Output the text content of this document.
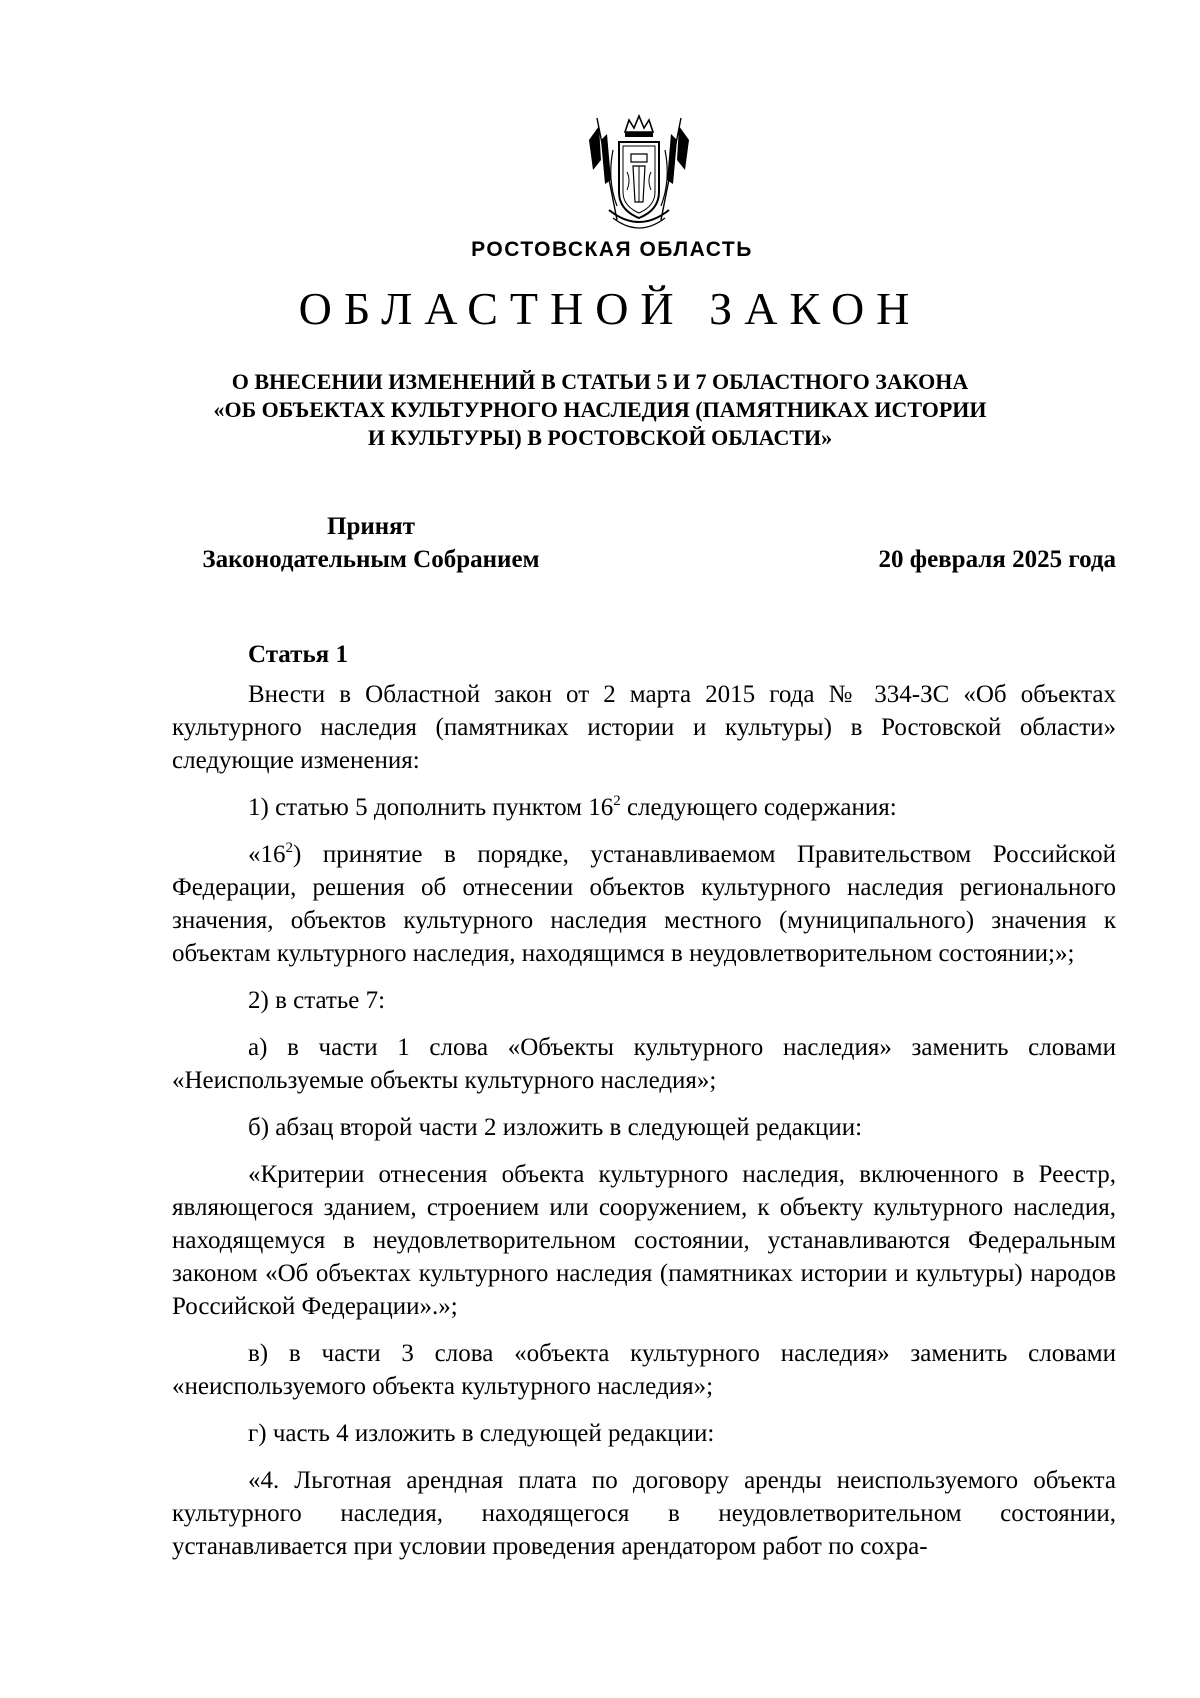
РОСТОВСКАЯ ОБЛАСТЬ
ОБЛАСТНОЙ ЗАКОН
О ВНЕСЕНИИ ИЗМЕНЕНИЙ В СТАТЬИ 5 И 7 ОБЛАСТНОГО ЗАКОНА
«ОБ ОБЪЕКТАХ КУЛЬТУРНОГО НАСЛЕДИЯ (ПАМЯТНИКАХ ИСТОРИИ
И КУЛЬТУРЫ) В РОСТОВСКОЙ ОБЛАСТИ»
Принят
Законодательным Собранием	20 февраля 2025 года
Статья 1

Внести в Областной закон от 2 марта 2015 года № 334-ЗС «Об объектах культурного наследия (памятниках истории и культуры) в Ростовской области» следующие изменения:

1) статью 5 дополнить пунктом $16^2$ следующего содержания:

«$16^2$) принятие в порядке, устанавливаемом Правительством Российской Федерации, решения об отнесении объектов культурного наследия регионального значения, объектов культурного наследия местного (муниципального) значения к объектам культурного наследия, находящимся в неудовлетворительном состоянии;»;

2) в статье 7:

а) в части 1 слова «Объекты культурного наследия» заменить словами «Неиспользуемые объекты культурного наследия»;

б) абзац второй части 2 изложить в следующей редакции:

«Критерии отнесения объекта культурного наследия, включенного в Реестр, являющегося зданием, строением или сооружением, к объекту культурного наследия, находящемуся в неудовлетворительном состоянии, устанавливаются Федеральным законом «Об объектах культурного наследия (памятниках истории и культуры) народов Российской Федерации».»;

в) в части 3 слова «объекта культурного наследия» заменить словами «неиспользуемого объекта культурного наследия»;

г) часть 4 изложить в следующей редакции:

«4. Льготная арендная плата по договору аренды неиспользуемого объекта культурного наследия, находящегося в неудовлетворительном состоянии, устанавливается при условии проведения арендатором работ по сохра-
